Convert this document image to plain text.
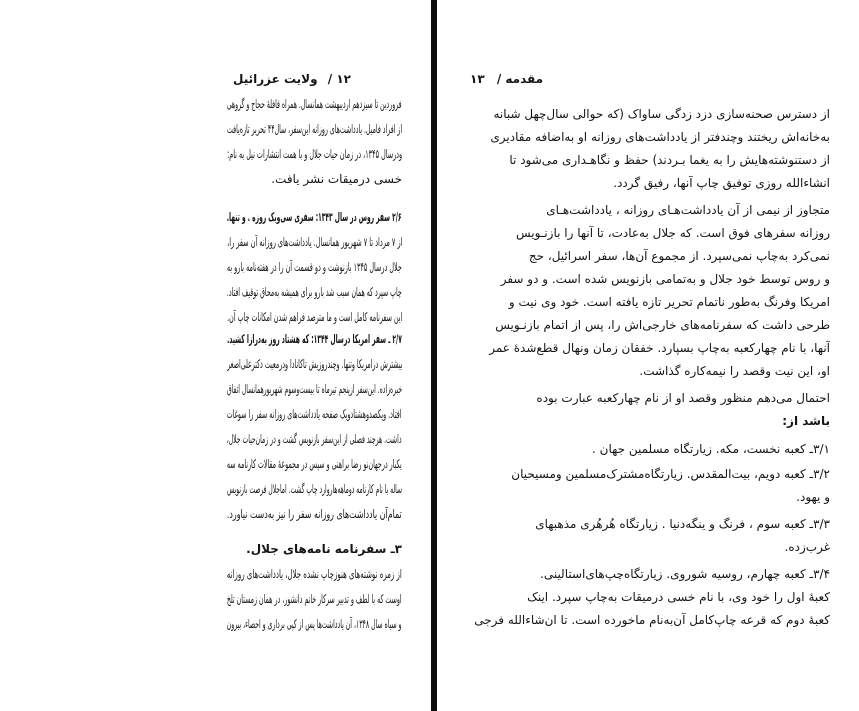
۱۲ / ولایت عزرائیل
فروردین تا سیزدهم اردیبهشت همانسال. همراه قافلهٔ حجاج و گروهی
از افراد فامیل. یادداشت‌های روزانه این‌سفر، سال۴۴ تحریر تازه‌یافت
ودرسال ۱۳۴۵، در زمان حیات جلال و با همت انتشارات نیل به نام:
خسی درمیقات نشر یافت.
۲/۶ سفر روس در سال ۱۳۴۳: سفری سی‌ویک روزه . و تنها.
از ۷ مرداد تا ۷ شهریور همانسال. یادداشت‌های روزانه آن سفر را،
جلال درسال ۱۳۴۵ بازنوشت و دو قسمت آن را در هفته‌نامه بارو به
چاپ سپرد که همان سبب شد بارو برای همیشه به‌محاق توقیف افتاد.
این سفرنامه کامل است و ما مترصد فراهم شدن امکانات چاپ آن.
۲/۷ ـ سفر امریکا درسال ۱۳۴۴: که هشتاد روز به‌درازا کشید.
بیشترش درامریکا وتنها. وچندروزیش تاکانادا ودرمعیت دکترعلی‌اصغر
خبره‌زاده. این‌سفر ازپنجم تیرماه تا بیست‌وسوم شهریورهمانسال اتفاق
افتاد. ویکصدوهشتادویک صفحه یادداشت‌های روزانه سفر را سوغات
داشت. هرچند فصلی از این‌سفر بازنویس گشت و در زمان‌حیات جلال،
یکبار درجهان‌نو رضا براهنی و سپس در مجموعهٔ مقالات کارنامه سه
ساله با نام کارنامه دوماهه‌هاروارد چاپ گشت. اماجلال فرصت بازنویس
تمام‌آن یادداشت‌های روزانه سفر را نیز به‌دست نیاورد.
۳ـ سفرنامه نامه‌های جلال.
از زمره نوشته‌های هنوزچاپ نشده جلال، یادداشت‌های روزانه
اوست که با لطف و تدبیر سرکار خانم دانشور، در همان زمستان تلخ
و سیاه سال ۱۳۴۸، آن یادداشت‌ها پس از کپی برداری و احصاء، بیرون
مقدمه / ۱۳
از دسترس صحنه‌سازی دزد زدگی ساواک (که حوالی سال‌چهل شبانه
به‌خانه‌اش ریختند وچندفتر از یادداشت‌های روزانه او به‌اضافه مقادیری
از دستنوشته‌هایش را به یغما بـردند) حفظ و نگاهـداری می‌شود تا
انشاءالله روزی توفیق چاپ آنها، رفیق گردد.
متجاوز از نیمی از آن یادداشت‌هـای روزانه ، یادداشت‌هـای
روزانه سفرهای فوق است. که جلال به‌عادت، تا آنها را بازنـویس
نمی‌کرد به‌چاپ نمی‌سپرد. از مجموع آن‌ها، سفر اسرائیل، حج
و روس توسط خود جلال و به‌تمامی بازنویس شده است. و دو سفر
امریکا وفرنگ به‌طور ناتمام تحریر تازه یافته است. خود وی نیت و
طرحی داشت که سفرنامه‌های خارجی‌اش را، پس از اتمام بازنـویس
آنها، با نام چهارکعبه به‌چاپ بسپارد. خفقان زمان ونهال قطع‌شدهٔ عمر
او، این نیت وقصد را نیمه‌کاره گذاشت.
احتمال می‌دهم منظور وقصد او از نام چهارکعبه عبارت بوده
باشد از:
۳/۱ـ کعبه نخست، مکه. زیارتگاه مسلمین جهان .
۳/۲ـ کعبه دویم، بیت‌المقدس. زیارتگاه‌مشترک‌مسلمین ومسیحیان
و یهود.
۳/۳ـ کعبه سوم ، فرنگ و ینگه‌دنیا . زیارتگاه هُرهُری مذهبهای
غرب‌زده.
۳/۴ـ کعبه چهارم، روسیه شوروی. زیارتگاه‌چپ‌های‌استالینی.
کعبهٔ اول را خود وی، با نام خسی درمیقات به‌چاپ سپرد. اینک
کعبهٔ دوم که قرعه چاپ‌کامل آن‌به‌نام ماخورده است. تا ان‌شاءالله فرجی
